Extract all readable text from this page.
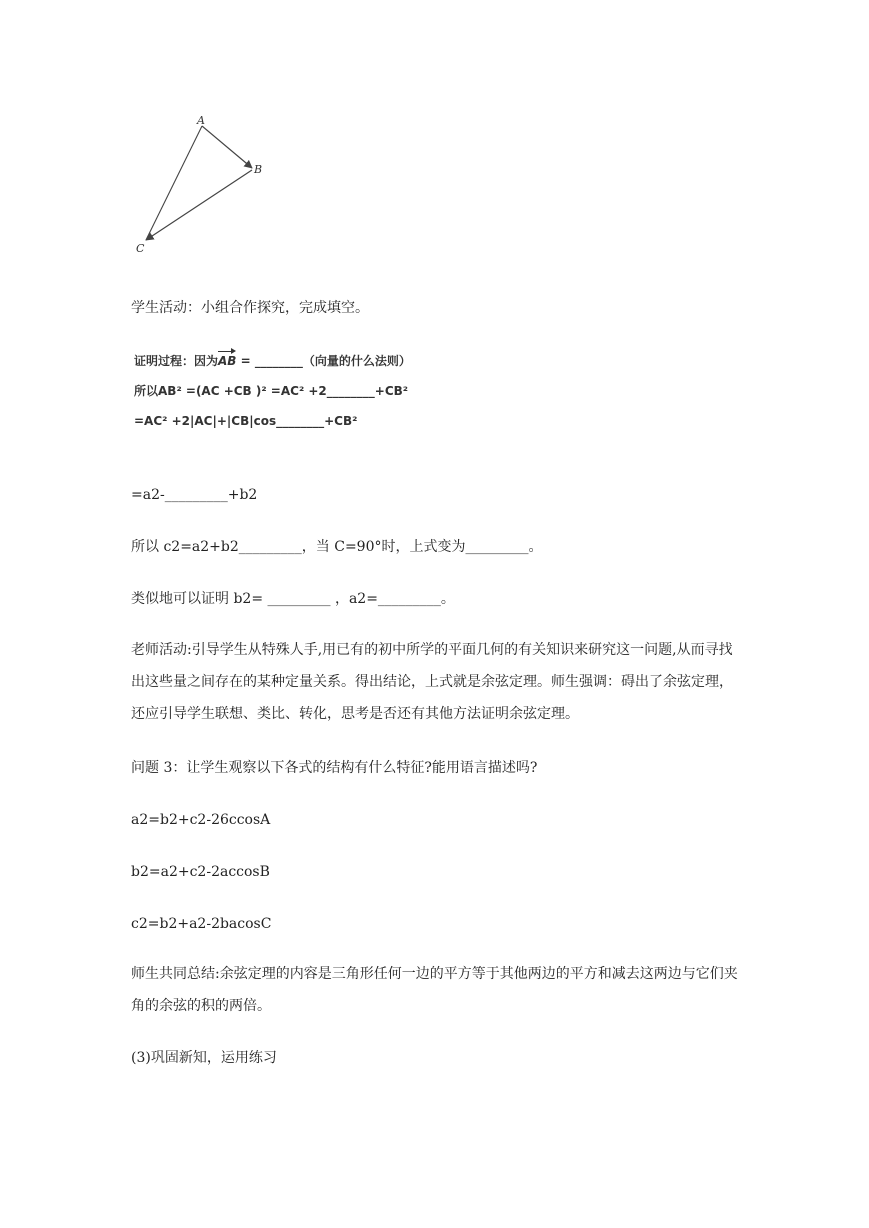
A
B
C
学生活动：小组合作探究，完成填空。
证明过程：因为AB = ________（向量的什么法则）
所以AB² =(AC +CB )² =AC² +2________+CB²
=AC² +2|AC|+|CB|cos________+CB²
=a2-_________+b2
所以 c2=a2+b2_________，当 C=90°时，上式变为_________。
类似地可以证明 b2= _________ ，a2=_________。
老师活动:引导学生从特殊人手,用已有的初中所学的平面几何的有关知识来研究这一问题,从而寻找出这些量之间存在的某种定量关系。得出结论，上式就是余弦定理。师生强调：碍出了余弦定理，还应引导学生联想、类比、转化，思考是否还有其他方法证明余弦定理。
问题 3：让学生观察以下各式的结构有什么特征?能用语言描述吗?
a2=b2+c2-26ccosA
b2=a2+c2-2accosB
c2=b2+a2-2bacosC
师生共同总结:余弦定理的内容是三角形任何一边的平方等于其他两边的平方和减去这两边与它们夹角的余弦的积的两倍。
(3)巩固新知，运用练习
